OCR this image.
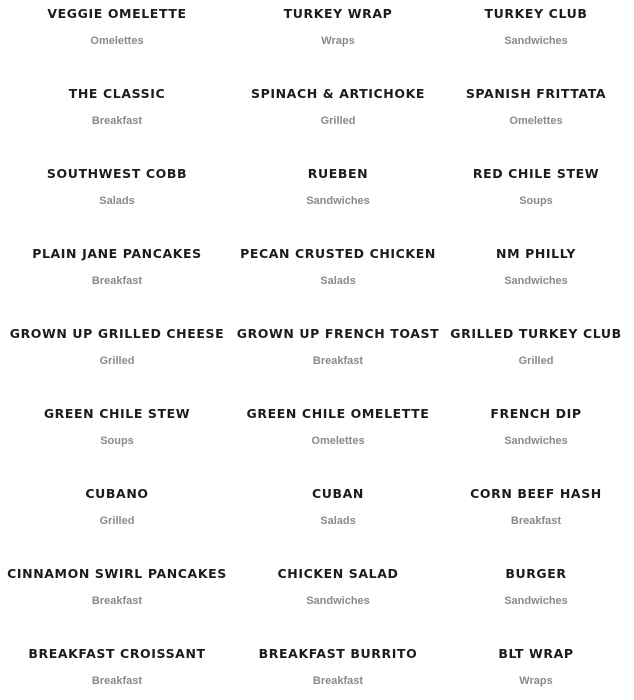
VEGGIE OMELETTE
Omelettes
TURKEY WRAP
Wraps
TURKEY CLUB
Sandwiches
THE CLASSIC
Breakfast
SPINACH & ARTICHOKE
Grilled
SPANISH FRITTATA
Omelettes
SOUTHWEST COBB
Salads
RUEBEN
Sandwiches
RED CHILE STEW
Soups
PLAIN JANE PANCAKES
Breakfast
PECAN CRUSTED CHICKEN
Salads
NM PHILLY
Sandwiches
GROWN UP GRILLED CHEESE
Grilled
GROWN UP FRENCH TOAST
Breakfast
GRILLED TURKEY CLUB
Grilled
GREEN CHILE STEW
Soups
GREEN CHILE OMELETTE
Omelettes
FRENCH DIP
Sandwiches
CUBANO
Grilled
CUBAN
Salads
CORN BEEF HASH
Breakfast
CINNAMON SWIRL PANCAKES
Breakfast
CHICKEN SALAD
Sandwiches
BURGER
Sandwiches
BREAKFAST CROISSANT
Breakfast
BREAKFAST BURRITO
Breakfast
BLT WRAP
Wraps
